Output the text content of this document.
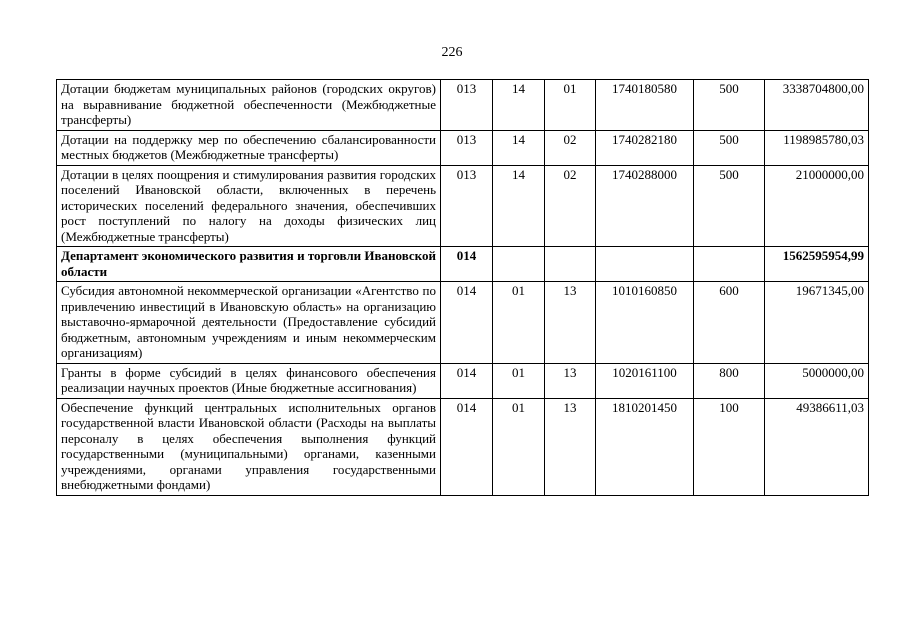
226
Дотации бюджетам муниципальных районов (городских округов) на выравнивание бюджетной обеспеченности (Межбюджетные трансферты)	013	14	01	1740180580	500	3338704800,00
Дотации на поддержку мер по обеспечению сбалансированности местных бюджетов (Межбюджетные трансферты)	013	14	02	1740282180	500	1198985780,03
Дотации в целях поощрения и стимулирования развития городских поселений Ивановской области, включенных в перечень исторических поселений федерального значения, обеспечивших рост поступлений по налогу на доходы физических лиц (Межбюджетные трансферты)	013	14	02	1740288000	500	21000000,00
Департамент экономического развития и торговли Ивановской области	014					1562595954,99
Субсидия автономной некоммерческой организации «Агентство по привлечению инвестиций в Ивановскую область» на организацию выставочно-ярмарочной деятельности (Предоставление субсидий бюджетным, автономным учреждениям и иным некоммерческим организациям)	014	01	13	1010160850	600	19671345,00
Гранты в форме субсидий в целях финансового обеспечения реализации научных проектов (Иные бюджетные ассигнования)	014	01	13	1020161100	800	5000000,00
Обеспечение функций центральных исполнительных органов государственной власти Ивановской области (Расходы на выплаты персоналу в целях обеспечения выполнения функций государственными (муниципальными) органами, казенными учреждениями, органами управления государственными внебюджетными фондами)	014	01	13	1810201450	100	49386611,03
